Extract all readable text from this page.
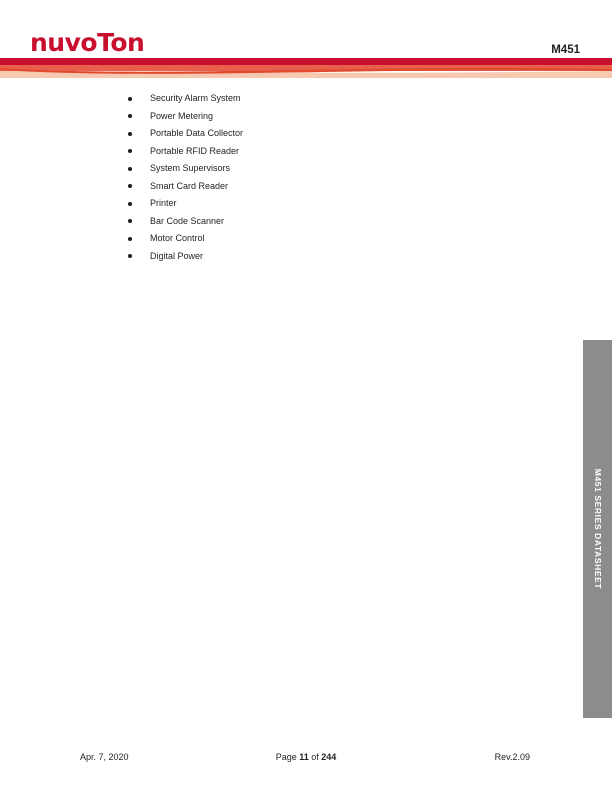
nuvoTon	M451
Security Alarm System
Power Metering
Portable Data Collector
Portable RFID Reader
System Supervisors
Smart Card Reader
Printer
Bar Code Scanner
Motor Control
Digital Power
M451 SERIES DATASHEET
Apr. 7, 2020	Page 11 of 244	Rev.2.09
